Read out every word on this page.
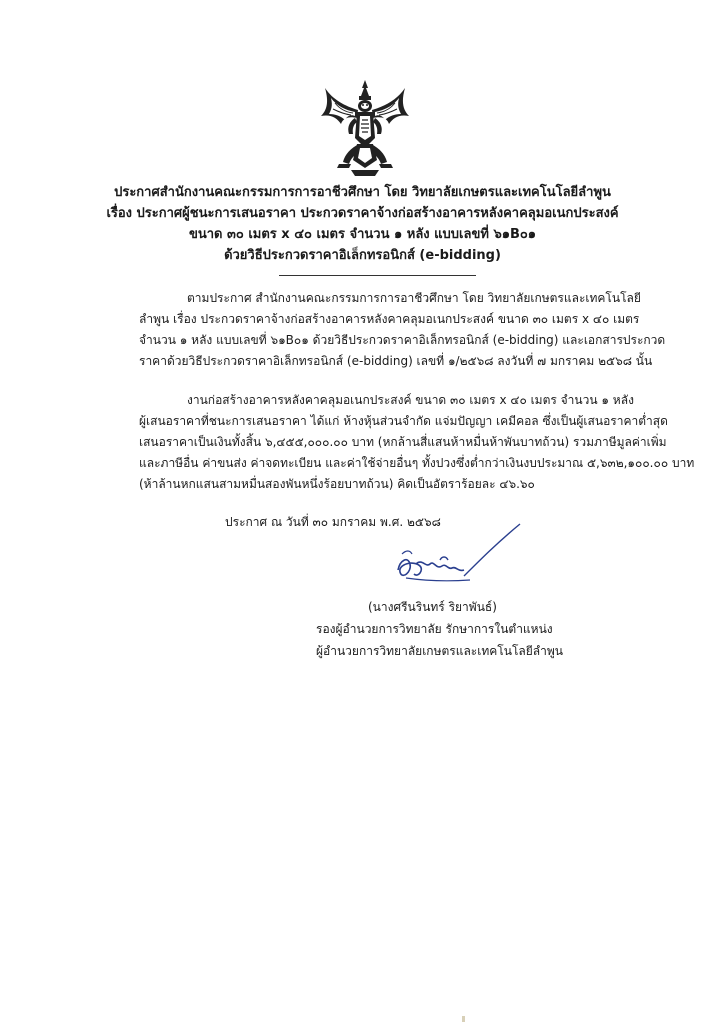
ประกาศสำนักงานคณะกรรมการการอาชีวศึกษา โดย วิทยาลัยเกษตรและเทคโนโลยีลำพูน
เรื่อง ประกาศผู้ชนะการเสนอราคา ประกวดราคาจ้างก่อสร้างอาคารหลังคาคลุมอเนกประสงค์
ขนาด ๓๐ เมตร x ๔๐ เมตร จำนวน ๑ หลัง แบบเลขที่ ๖๑B๐๑
ด้วยวิธีประกวดราคาอิเล็กทรอนิกส์ (e-bidding)
ตามประกาศ สำนักงานคณะกรรมการการอาชีวศึกษา โดย วิทยาลัยเกษตรและเทคโนโลยี
ลำพูน เรื่อง ประกวดราคาจ้างก่อสร้างอาคารหลังคาคลุมอเนกประสงค์ ขนาด ๓๐ เมตร x ๔๐ เมตร
จำนวน ๑ หลัง แบบเลขที่ ๖๑B๐๑ ด้วยวิธีประกวดราคาอิเล็กทรอนิกส์ (e-bidding) และเอกสารประกวด
ราคาด้วยวิธีประกวดราคาอิเล็กทรอนิกส์ (e-bidding) เลขที่ ๑/๒๕๖๘ ลงวันที่ ๗ มกราคม ๒๕๖๘ นั้น
งานก่อสร้างอาคารหลังคาคลุมอเนกประสงค์ ขนาด ๓๐ เมตร x ๔๐ เมตร จำนวน ๑ หลัง
ผู้เสนอราคาที่ชนะการเสนอราคา ได้แก่ ห้างหุ้นส่วนจำกัด แจ่มปัญญา เคมีคอล ซึ่งเป็นผู้เสนอราคาต่ำสุด
เสนอราคาเป็นเงินทั้งสิ้น ๖,๔๕๕,๐๐๐.๐๐ บาท (หกล้านสี่แสนห้าหมื่นห้าพันบาทถ้วน) รวมภาษีมูลค่าเพิ่ม
และภาษีอื่น ค่าขนส่ง ค่าจดทะเบียน และค่าใช้จ่ายอื่นๆ ทั้งปวงซึ่งต่ำกว่าเงินงบประมาณ ๕,๖๓๒,๑๐๐.๐๐ บาท
(ห้าล้านหกแสนสามหมื่นสองพันหนึ่งร้อยบาทถ้วน) คิดเป็นอัตราร้อยละ ๔๖.๖๐
ประกาศ ณ วันที่ ๓๐ มกราคม พ.ศ. ๒๕๖๘
(นางศรีนรินทร์ ริยาพันธ์)
รองผู้อำนวยการวิทยาลัย รักษาการในตำแหน่ง
ผู้อำนวยการวิทยาลัยเกษตรและเทคโนโลยีลำพูน
